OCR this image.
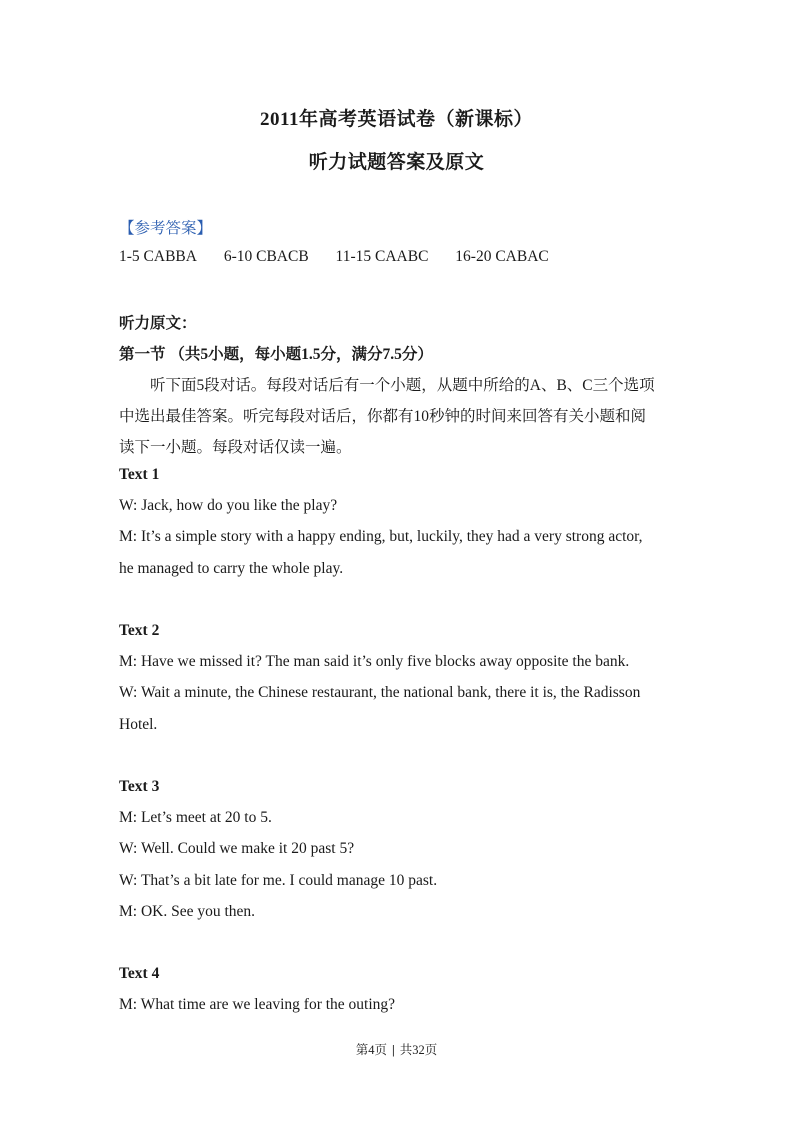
2011年高考英语试卷（新课标）
听力试题答案及原文
【参考答案】
1-5 CABBA 6-10 CBACB 11-15 CAABC 16-20 CABAC
听力原文：
第一节 （共5小题，每小题1.5分，满分7.5分）
听下面5段对话。每段对话后有一个小题，从题中所给的A、B、C三个选项
中选出最佳答案。听完每段对话后，你都有10秒钟的时间来回答有关小题和阅
读下一小题。每段对话仅读一遍。
Text 1
W: Jack, how do you like the play?
M: It’s a simple story with a happy ending, but, luckily, they had a very strong actor,
he managed to carry the whole play.
Text 2
M: Have we missed it? The man said it’s only five blocks away opposite the bank.
W: Wait a minute, the Chinese restaurant, the national bank, there it is, the Radisson
Hotel.
Text 3
M: Let’s meet at 20 to 5.
W: Well. Could we make it 20 past 5?
W: That’s a bit late for me. I could manage 10 past.
M: OK. See you then.
Text 4
M: What time are we leaving for the outing?
第4页 | 共32页
